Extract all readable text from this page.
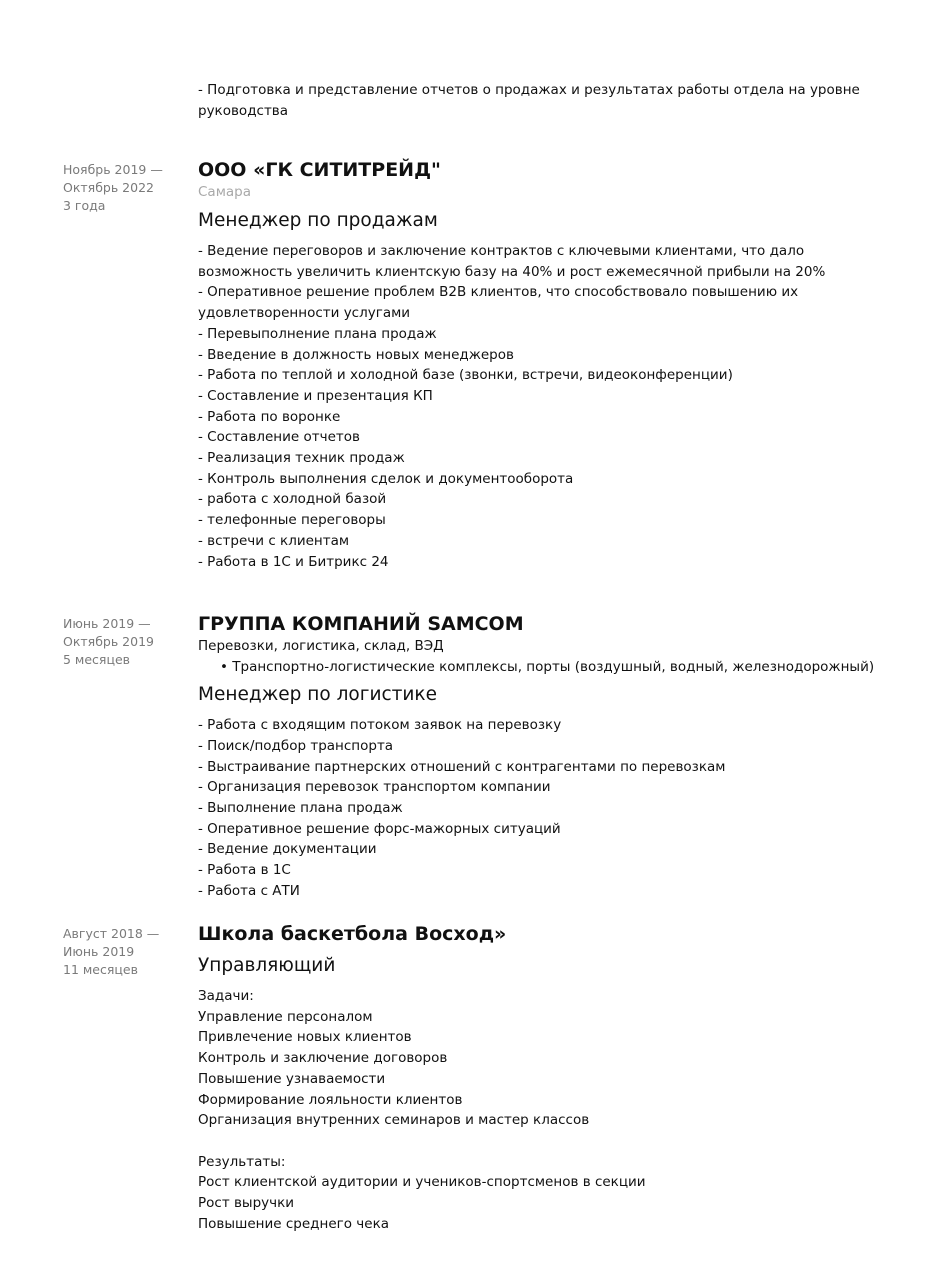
- Подготовка и представление отчетов о продажах и результатах работы отдела на уровне
руководства
Ноябрь 2019 —
Октябрь 2022
3 года
ООО «ГК СИТИТРЕЙД"
Самара
Менеджер по продажам
- Ведение переговоров и заключение контрактов с ключевыми клиентами, что дало
возможность увеличить клиентскую базу на 40% и рост ежемесячной прибыли на 20%
- Оперативное решение проблем B2B клиентов, что способствовало повышению их
удовлетворенности услугами
- Перевыполнение плана продаж
- Введение в должность новых менеджеров
- Работа по теплой и холодной базе (звонки, встречи, видеоконференции)
- Составление и презентация КП
- Работа по воронке
- Составление отчетов
- Реализация техник продаж
- Контроль выполнения сделок и документооборота
- работа с холодной базой
- телефонные переговоры
- встречи с клиентам
- Работа в 1С и Битрикс 24
Июнь 2019 —
Октябрь 2019
5 месяцев
ГРУППА КОМПАНИЙ SAMCOM
Перевозки, логистика, склад, ВЭД
• Транспортно-логистические комплексы, порты (воздушный, водный, железнодорожный)
Менеджер по логистике
- Работа с входящим потоком заявок на перевозку
- Поиск/подбор транспорта
- Выстраивание партнерских отношений с контрагентами по перевозкам
- Организация перевозок транспортом компании
- Выполнение плана продаж
- Оперативное решение форс-мажорных ситуаций
- Ведение документации
- Работа в 1С
- Работа с АТИ
Август 2018 —
Июнь 2019
11 месяцев
Школа баскетбола Восход»
Управляющий
Задачи:
Управление персоналом
Привлечение новых клиентов
Контроль и заключение договоров
Повышение узнаваемости
Формирование лояльности клиентов
Организация внутренних семинаров и мастер классов
Результаты:
Рост клиентской аудитории и учеников-спортсменов в секции
Рост выручки
Повышение среднего чека
